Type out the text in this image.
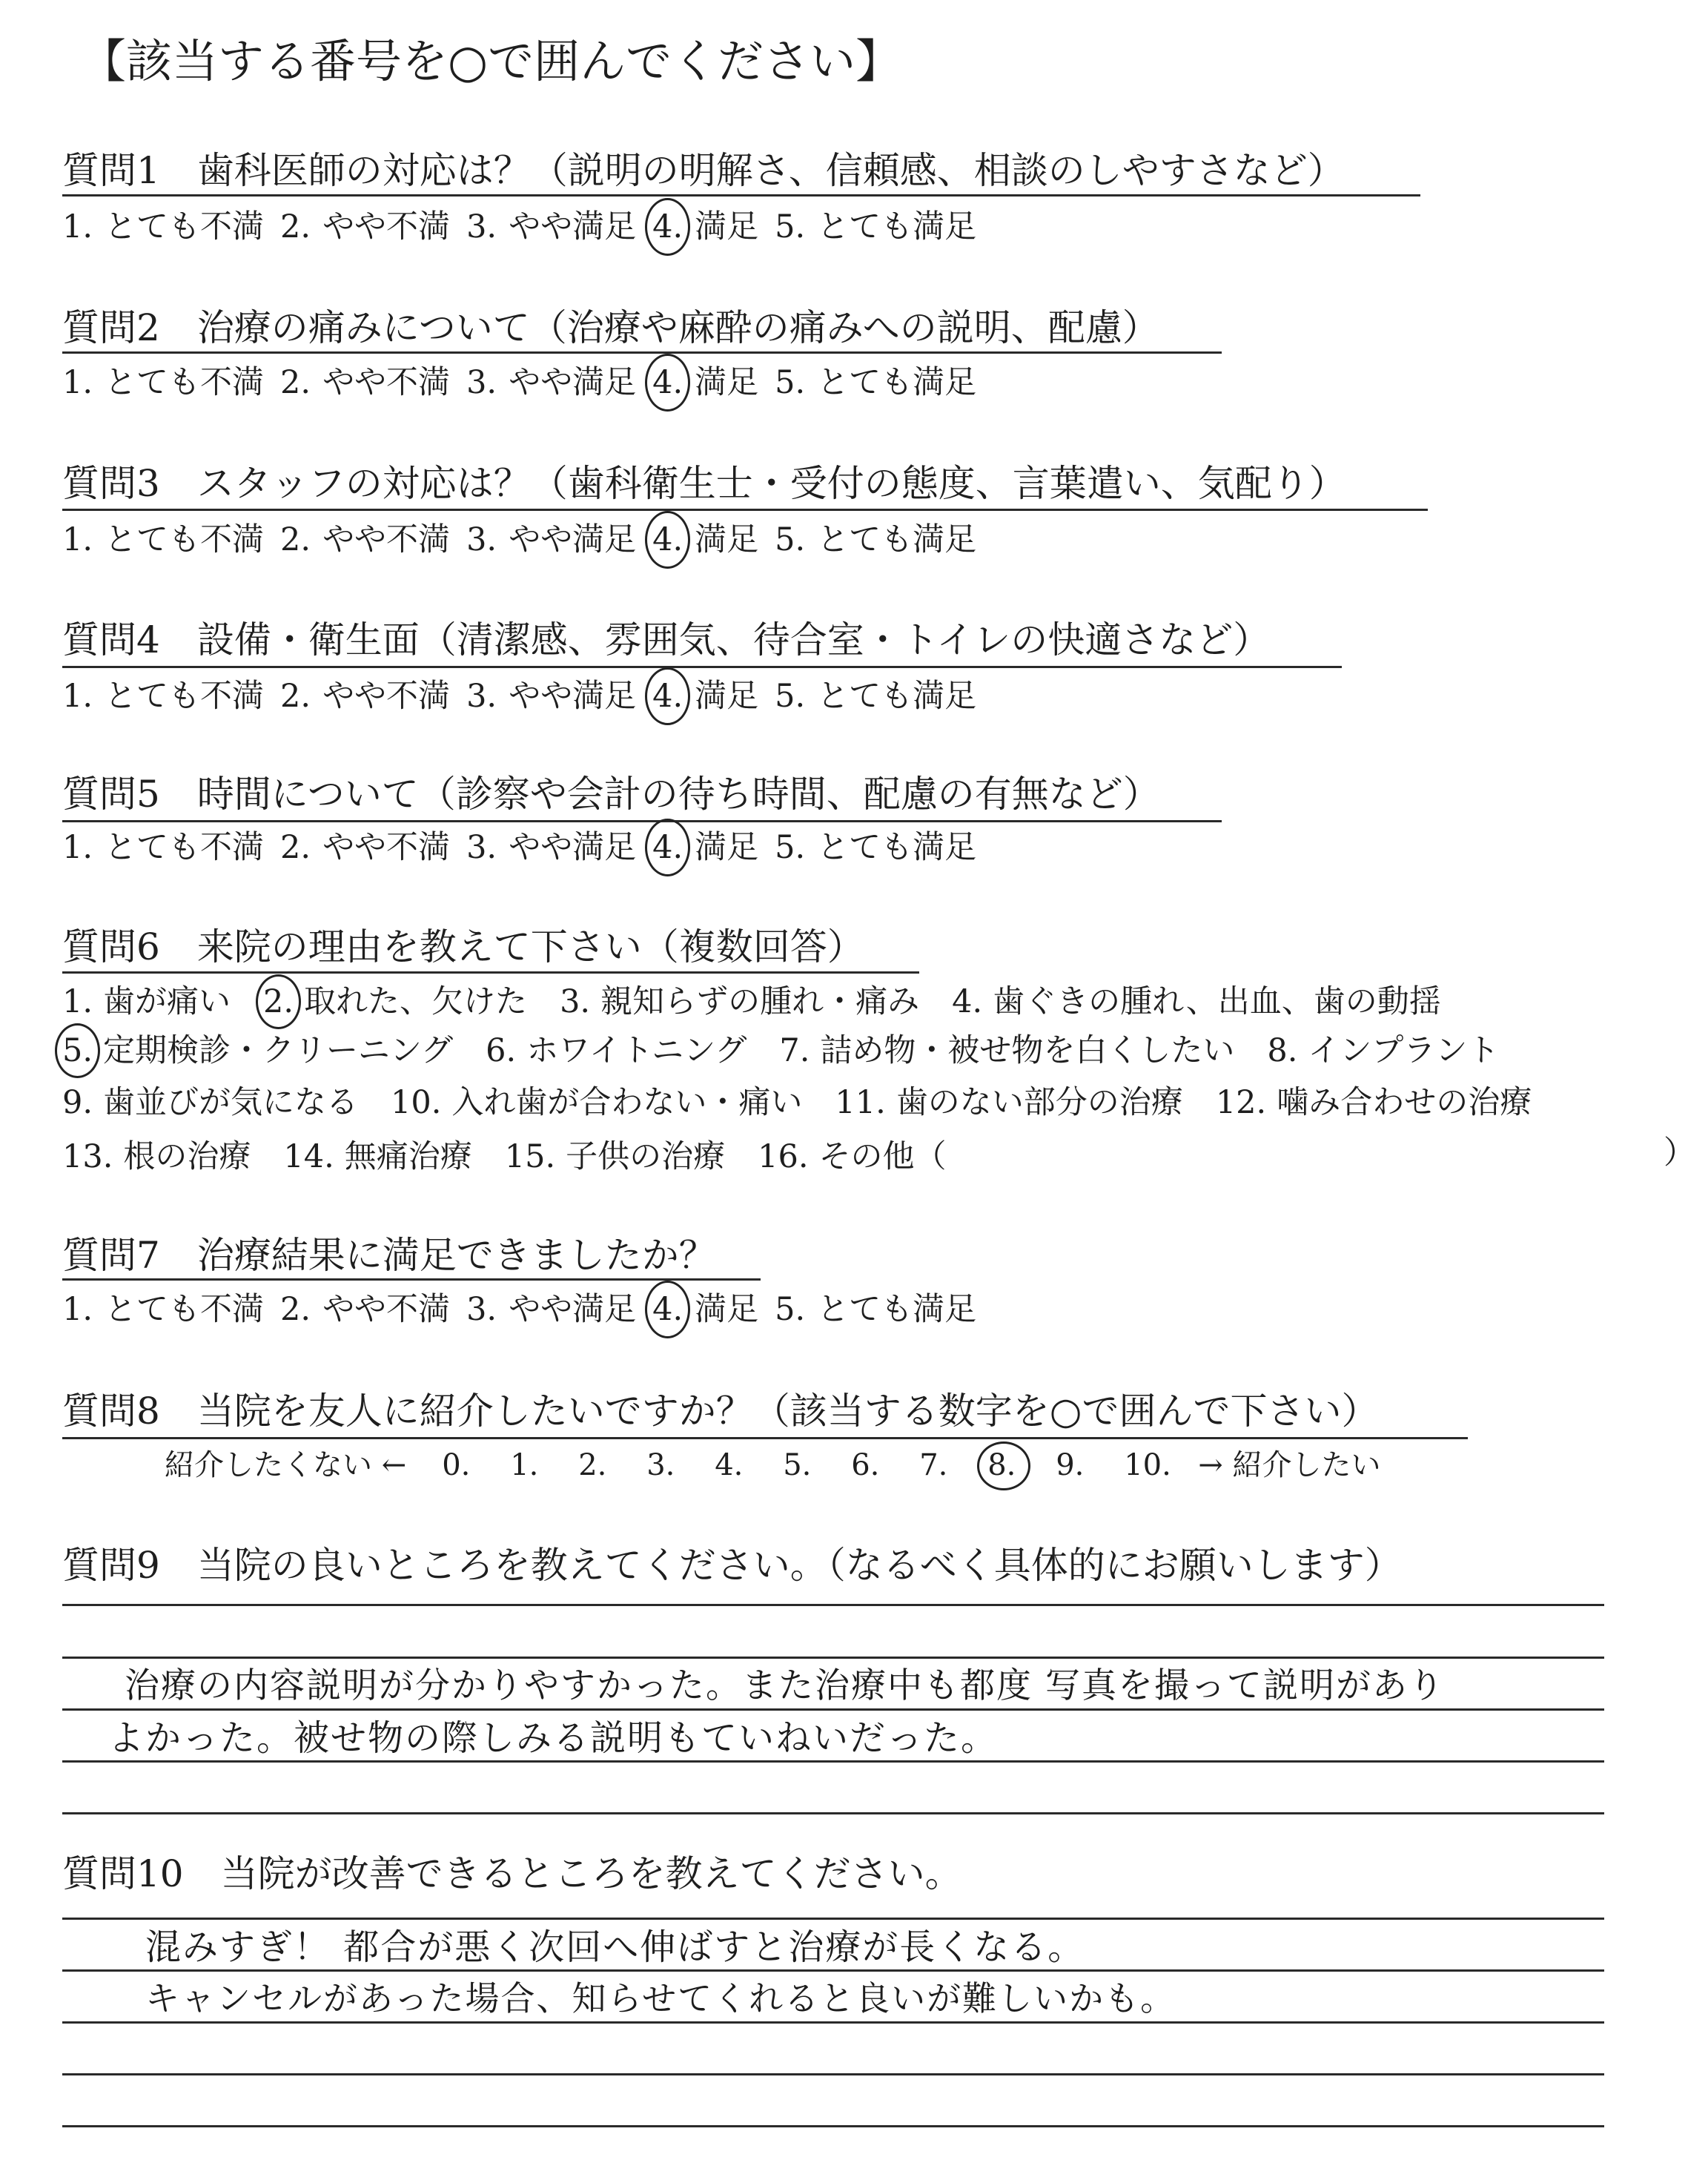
【該当する番号を○で囲んでください】
質問1　 歯科医師の対応は？（説明の明解さ、信頼感、相談のしやすさなど）
1. とても不満 2. やや不満 3. やや満足 4. 満足 5. とても満足
質問2　 治療の痛みについて（治療や麻酔の痛みへの説明、配慮）
1. とても不満 2. やや不満 3. やや満足 4. 満足 5. とても満足
質問3　 スタッフの対応は？（歯科衛生士・受付の態度、言葉遣い、気配り）
1. とても不満 2. やや不満 3. やや満足 4. 満足 5. とても満足
質問4　 設備・衛生面（清潔感、雰囲気、待合室・トイレの快適さなど）
1. とても不満 2. やや不満 3. やや満足 4. 満足 5. とても満足
質問5　 時間について（診察や会計の待ち時間、配慮の有無など）
1. とても不満 2. やや不満 3. やや満足 4. 満足 5. とても満足
質問6　 来院の理由を教えて下さい（複数回答）
1. 歯が痛い 2. 取れた、欠けた 3. 親知らずの腫れ・痛み 4. 歯ぐきの腫れ、出血、歯の動揺
5. 定期検診・クリーニング 6. ホワイトニング 7. 詰め物・被せ物を白くしたい 8. インプラント
9. 歯並びが気になる 10. 入れ歯が合わない・痛い 11. 歯のない部分の治療 12. 噛み合わせの治療
13. 根の治療 14. 無痛治療 15. 子供の治療 16. その他（	）
質問7　 治療結果に満足できましたか？
1. とても不満 2. やや不満 3. やや満足 4. 満足 5. とても満足
質問8　 当院を友人に紹介したいですか？（該当する数字を○で囲んで下さい）
紹介したくない ← 0. 1. 2. 3. 4. 5. 6. 7. 8. 9. 10. → 紹介したい
質問9　 当院の良いところを教えてください。（なるべく具体的にお願いします）
治療の内容説明が分かりやすかった。また治療中も都度 写真を撮って説明があり
よかった。被せ物の際しみる説明もていねいだった。
質問10　 当院が改善できるところを教えてください。
混みすぎ！ 都合が悪く次回へ伸ばすと治療が長くなる。
キャンセルがあった場合、知らせてくれると良いが難しいかも。
